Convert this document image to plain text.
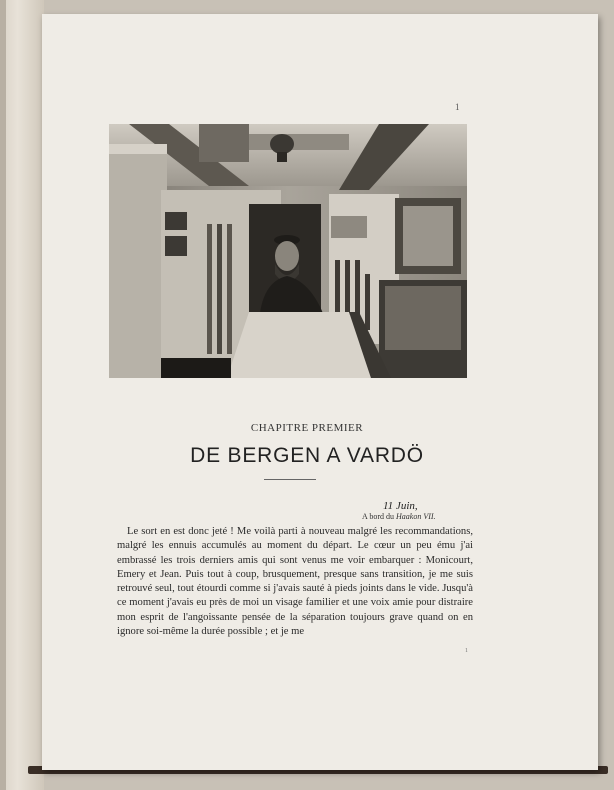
1
CHAPITRE PREMIER
DE BERGEN A VARDÖ
11 Juin,
A bord du Haakon VII.

Le sort en est donc jeté ! Me voilà parti à nouveau malgré les recommandations, malgré les ennuis accumulés au moment du départ. Le cœur un peu ému j'ai embrassé les trois derniers amis qui sont venus me voir embarquer : Monicourt, Emery et Jean. Puis tout à coup, brusquement, presque sans transition, je me suis retrouvé seul, tout étourdi comme si j'avais sauté à pieds joints dans le vide. Jusqu'à ce moment j'avais eu près de moi un visage familier et une voix amie pour distraire mon esprit de l'angoissante pensée de la séparation toujours grave quand on en ignore soi-même la durée possible ; et je me

1
